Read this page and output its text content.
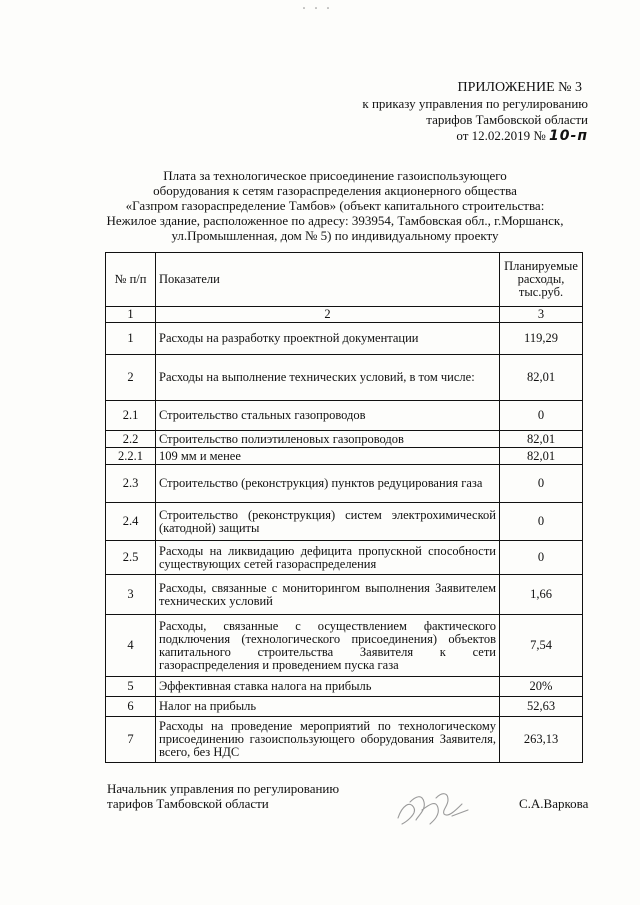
ПРИЛОЖЕНИЕ № 3
к приказу управления по регулированию
тарифов Тамбовской области
от 12.02.2019 № 10-п
Плата за технологическое присоединение газоиспользующего
оборудования к сетям газораспределения акционерного общества
«Газпром газораспределение Тамбов» (объект капитального строительства:
Нежилое здание, расположенное по адресу: 393954, Тамбовская обл., г.Моршанск,
ул.Промышленная, дом № 5) по индивидуальному проекту
№ п/п	Показатели	Планируемые расходы, тыс.руб.
1	2	3
1	Расходы на разработку проектной документации	119,29
2	Расходы на выполнение технических условий, в том числе:	82,01
2.1	Строительство стальных газопроводов	0
2.2	Строительство полиэтиленовых газопроводов	82,01
2.2.1	109 мм и менее	82,01
2.3	Строительство (реконструкция) пунктов редуцирования газа	0
2.4	Строительство (реконструкция) систем электрохимической (катодной) защиты	0
2.5	Расходы на ликвидацию дефицита пропускной способности существующих сетей газораспределения	0
3	Расходы, связанные с мониторингом выполнения Заявителем технических условий	1,66
4	Расходы, связанные с осуществлением фактического подключения (технологического присоединения) объектов капитального строительства Заявителя к сети газораспределения и проведением пуска газа	7,54
5	Эффективная ставка налога на прибыль	20%
6	Налог на прибыль	52,63
7	Расходы на проведение мероприятий по технологическому присоединению газоиспользующего оборудования Заявителя, всего, без НДС	263,13
Начальник управления по регулированию
тарифов Тамбовской области	С.А.Варкова
